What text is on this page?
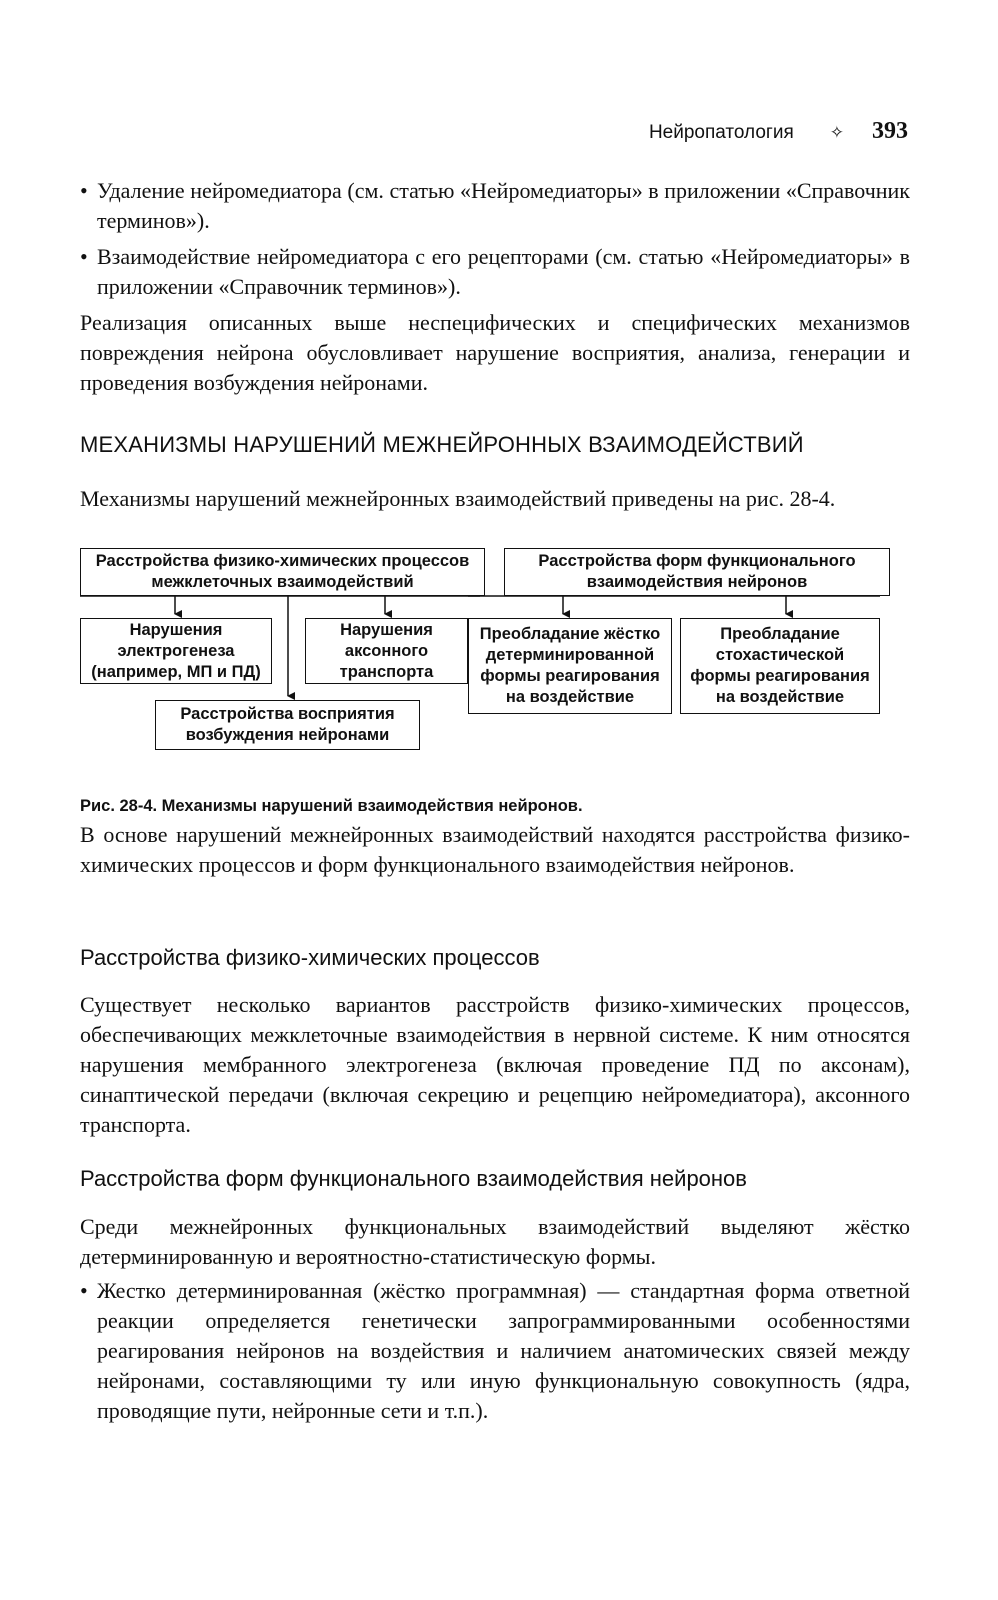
Нейропатология ✧ 393
• Удаление нейромедиатора (см. статью «Нейромедиаторы» в приложении «Справочник терминов»).
• Взаимодействие нейромедиатора с его рецепторами (см. статью «Нейромедиаторы» в приложении «Справочник терминов»).
Реализация описанных выше неспецифических и специфических механизмов повреждения нейрона обусловливает нарушение восприятия, анализа, генерации и проведения возбуждения нейронами.
МЕХАНИЗМЫ НАРУШЕНИЙ МЕЖНЕЙРОННЫХ ВЗАИМОДЕЙСТВИЙ
Механизмы нарушений межнейронных взаимодействий приведены на рис. 28-4.
Расстройства физико-химических процессов
межклеточных взаимодействий
Расстройства форм функционального
взаимодействия нейронов
Нарушения
электрогенеза
(например, МП и ПД)
Нарушения
аксонного
транспорта
Расстройства восприятия
возбуждения нейронами
Преобладание жёстко
детерминированной
формы реагирования
на воздействие
Преобладание
стохастической
формы реагирования
на воздействие
Рис. 28-4. Механизмы нарушений взаимодействия нейронов.
В основе нарушений межнейронных взаимодействий находятся расстройства физико-химических процессов и форм функционального взаимодействия нейронов.
Расстройства физико-химических процессов
Существует несколько вариантов расстройств физико-химических процессов, обеспечивающих межклеточные взаимодействия в нервной системе. К ним относятся нарушения мембранного электрогенеза (включая проведение ПД по аксонам), синаптической передачи (включая секрецию и рецепцию нейромедиатора), аксонного транспорта.
Расстройства форм функционального взаимодействия нейронов
Среди межнейронных функциональных взаимодействий выделяют жёстко детерминированную и вероятностно-статистическую формы.
• Жестко детерминированная (жёстко программная) — стандартная форма ответной реакции определяется генетически запрограммированными особенностями реагирования нейронов на воздействия и наличием анатомических связей между нейронами, составляющими ту или иную функциональную совокупность (ядра, проводящие пути, нейронные сети и т.п.).
